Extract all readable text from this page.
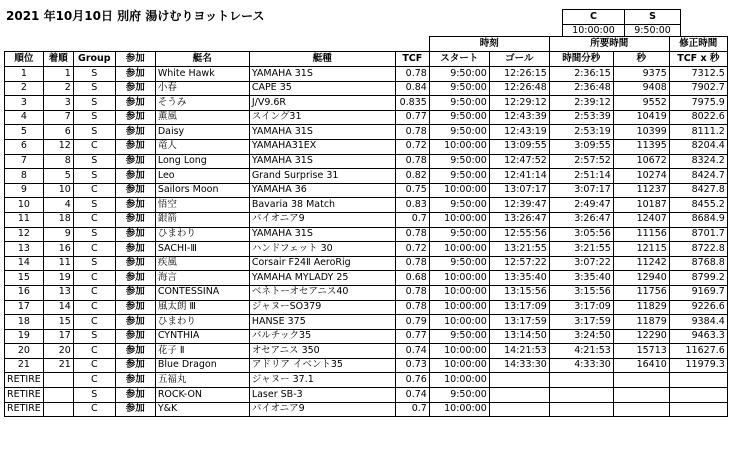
2021 年10月10日 別府 湯けむりヨットレース	C	S
10:00:00	9:50:00
							時刻		所要時間		修正時間
順位	着順	Group	参加	艇名	艇種	TCF	スタート	ゴール	時間分秒	秒	TCF x 秒
1	1	S	参加	White Hawk	YAMAHA 31S	0.78	9:50:00	12:26:15	2:36:15	9375	7312.5
2	2	S	参加	小春	CAPE 35	0.84	9:50:00	12:26:48	2:36:48	9408	7902.7
3	3	S	参加	そうみ	J/V9.6R	0.835	9:50:00	12:29:12	2:39:12	9552	7975.9
4	7	S	参加	薫風	スイング31	0.77	9:50:00	12:43:39	2:53:39	10419	8022.6
5	6	S	参加	Daisy	YAMAHA 31S	0.78	9:50:00	12:43:19	2:53:19	10399	8111.2
6	12	C	参加	竜人	YAMAHA31EX	0.72	10:00:00	13:09:55	3:09:55	11395	8204.4
7	8	S	参加	Long Long	YAMAHA 31S	0.78	9:50:00	12:47:52	2:57:52	10672	8324.2
8	5	S	参加	Leo	Grand Surprise 31	0.82	9:50:00	12:41:14	2:51:14	10274	8424.7
9	10	C	参加	Sailors Moon	YAMAHA 36	0.75	10:00:00	13:07:17	3:07:17	11237	8427.8
10	4	S	参加	悟空	Bavaria 38 Match	0.83	9:50:00	12:39:47	2:49:47	10187	8455.2
11	18	C	参加	銀箭	パイオニア9	0.7	10:00:00	13:26:47	3:26:47	12407	8684.9
12	9	S	参加	ひまわり	YAMAHA 31S	0.78	9:50:00	12:55:56	3:05:56	11156	8701.7
13	16	C	参加	SACHI-Ⅲ	ハンドフェット 30	0.72	10:00:00	13:21:55	3:21:55	12115	8722.8
14	11	S	参加	疾風	Corsair F24Ⅱ AeroRig	0.78	9:50:00	12:57:22	3:07:22	11242	8768.8
15	19	C	参加	海言	YAMAHA MYLADY 25	0.68	10:00:00	13:35:40	3:35:40	12940	8799.2
16	13	C	参加	CONTESSINA	ベネトーオセアニス40	0.78	10:00:00	13:15:56	3:15:56	11756	9169.7
17	14	C	参加	風太朗 Ⅲ	ジャヌーSO379	0.78	10:00:00	13:17:09	3:17:09	11829	9226.6
18	15	C	参加	ひまわり	HANSE 375	0.79	10:00:00	13:17:59	3:17:59	11879	9384.4
19	17	S	参加	CYNTHIA	バルチック35	0.77	9:50:00	13:14:50	3:24:50	12290	9463.3
20	20	C	参加	花子 Ⅱ	オセアニス 350	0.74	10:00:00	14:21:53	4:21:53	15713	11627.6
21	21	C	参加	Blue Dragon	アドリア イベント35	0.73	10:00:00	14:33:30	4:33:30	16410	11979.3
RETIRE		C	参加	五福丸	ジャヌー 37.1	0.76	10:00:00				
RETIRE		S	参加	ROCK-ON	Laser SB-3	0.74	9:50:00				
RETIRE		C	参加	Y&K	パイオニア9	0.7	10:00:00				
